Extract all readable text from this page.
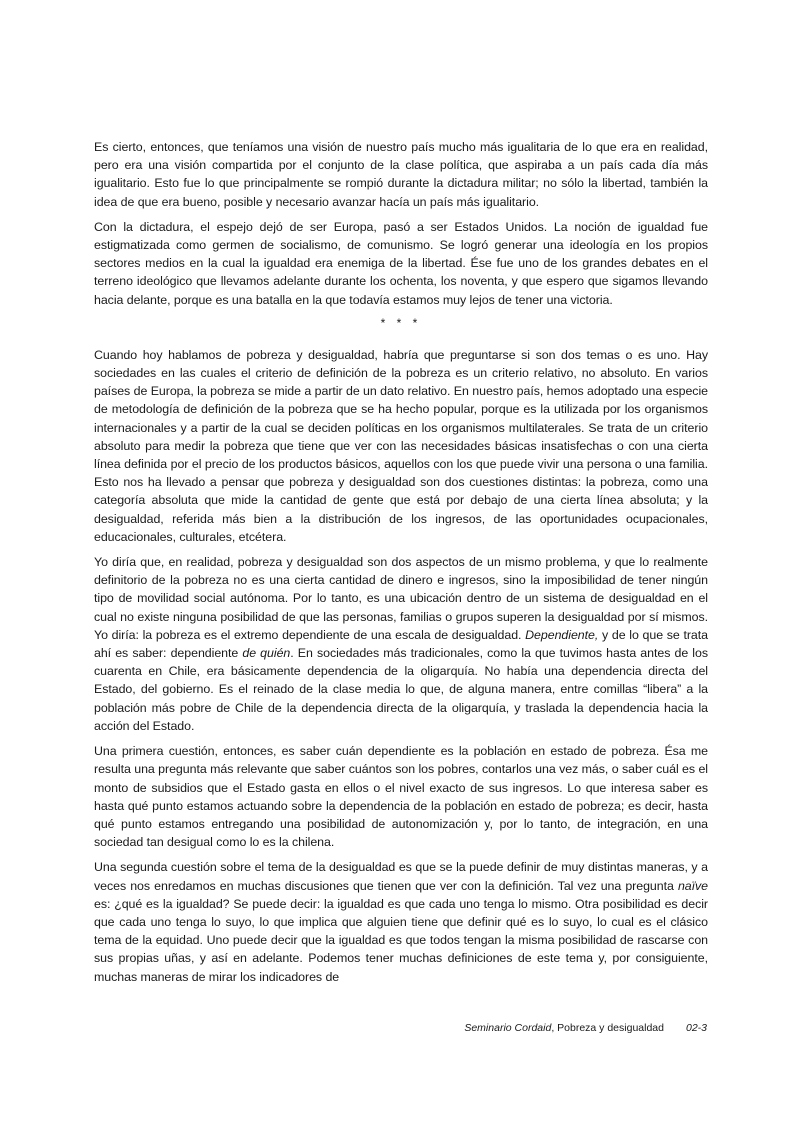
Es cierto, entonces, que teníamos una visión de nuestro país mucho más igualitaria de lo que era en realidad, pero era una visión compartida por el conjunto de la clase política, que aspiraba a un país cada día más igualitario. Esto fue lo que principalmente se rompió durante la dictadura militar; no sólo la libertad, también la idea de que era bueno, posible y necesario avanzar hacía un país más igualitario.

Con la dictadura, el espejo dejó de ser Europa, pasó a ser Estados Unidos. La noción de igualdad fue estigmatizada como germen de socialismo, de comunismo. Se logró generar una ideología en los propios sectores medios en la cual la igualdad era enemiga de la libertad. Ése fue uno de los grandes debates en el terreno ideológico que llevamos adelante durante los ochenta, los noventa, y que espero que sigamos llevando hacia delante, porque es una batalla en la que todavía estamos muy lejos de tener una victoria.

* * *

Cuando hoy hablamos de pobreza y desigualdad, habría que preguntarse si son dos temas o es uno. Hay sociedades en las cuales el criterio de definición de la pobreza es un criterio relativo, no absoluto. En varios países de Europa, la pobreza se mide a partir de un dato relativo. En nuestro país, hemos adoptado una especie de metodología de definición de la pobreza que se ha hecho popular, porque es la utilizada por los organismos internacionales y a partir de la cual se deciden políticas en los organismos multilaterales. Se trata de un criterio absoluto para medir la pobreza que tiene que ver con las necesidades básicas insatisfechas o con una cierta línea definida por el precio de los productos básicos, aquellos con los que puede vivir una persona o una familia. Esto nos ha llevado a pensar que pobreza y desigualdad son dos cuestiones distintas: la pobreza, como una categoría absoluta que mide la cantidad de gente que está por debajo de una cierta línea absoluta; y la desigualdad, referida más bien a la distribución de los ingresos, de las oportunidades ocupacionales, educacionales, culturales, etcétera.

Yo diría que, en realidad, pobreza y desigualdad son dos aspectos de un mismo problema, y que lo realmente definitorio de la pobreza no es una cierta cantidad de dinero e ingresos, sino la imposibilidad de tener ningún tipo de movilidad social autónoma. Por lo tanto, es una ubicación dentro de un sistema de desigualdad en el cual no existe ninguna posibilidad de que las personas, familias o grupos superen la desigualdad por sí mismos. Yo diría: la pobreza es el extremo dependiente de una escala de desigualdad. Dependiente, y de lo que se trata ahí es saber: dependiente de quién. En sociedades más tradicionales, como la que tuvimos hasta antes de los cuarenta en Chile, era básicamente dependencia de la oligarquía. No había una dependencia directa del Estado, del gobierno. Es el reinado de la clase media lo que, de alguna manera, entre comillas “libera” a la población más pobre de Chile de la dependencia directa de la oligarquía, y traslada la dependencia hacia la acción del Estado.

Una primera cuestión, entonces, es saber cuán dependiente es la población en estado de pobreza. Ésa me resulta una pregunta más relevante que saber cuántos son los pobres, contarlos una vez más, o saber cuál es el monto de subsidios que el Estado gasta en ellos o el nivel exacto de sus ingresos. Lo que interesa saber es hasta qué punto estamos actuando sobre la dependencia de la población en estado de pobreza; es decir, hasta qué punto estamos entregando una posibilidad de autonomización y, por lo tanto, de integración, en una sociedad tan desigual como lo es la chilena.

Una segunda cuestión sobre el tema de la desigualdad es que se la puede definir de muy distintas maneras, y a veces nos enredamos en muchas discusiones que tienen que ver con la definición. Tal vez una pregunta naïve es: ¿qué es la igualdad? Se puede decir: la igualdad es que cada uno tenga lo mismo. Otra posibilidad es decir que cada uno tenga lo suyo, lo que implica que alguien tiene que definir qué es lo suyo, lo cual es el clásico tema de la equidad. Uno puede decir que la igualdad es que todos tengan la misma posibilidad de rascarse con sus propias uñas, y así en adelante. Podemos tener muchas definiciones de este tema y, por consiguiente, muchas maneras de mirar los indicadores de

Seminario Cordaid, Pobreza y desigualdad 02-3
